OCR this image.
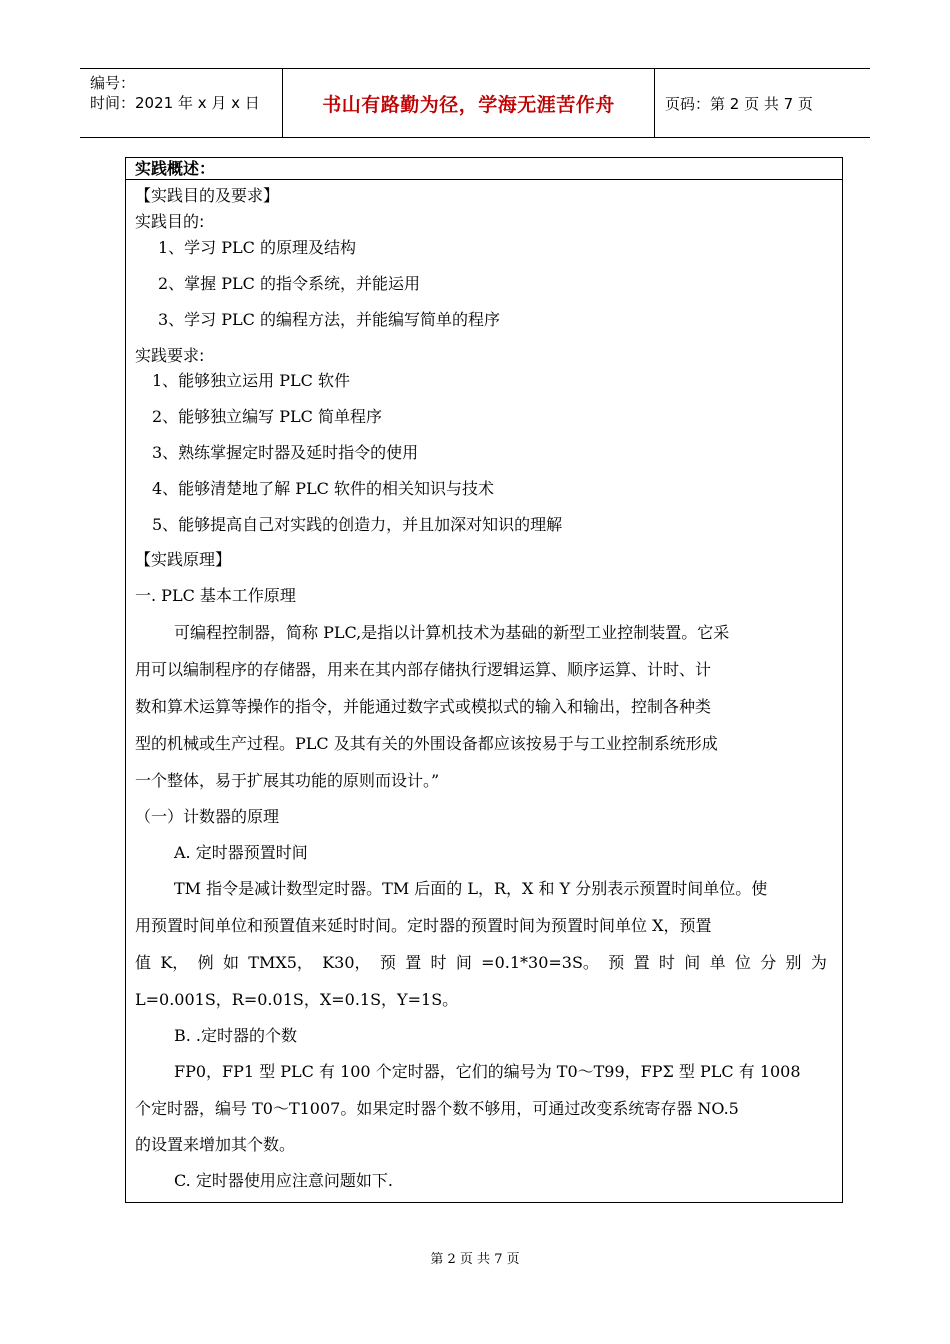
编号：
时间：2021 年 x 月 x 日	书山有路勤为径，学海无涯苦作舟	页码：第 2 页 共 7 页
实践概述：
【实践目的及要求】
实践目的:
1、学习 PLC 的原理及结构
2、掌握 PLC 的指令系统，并能运用
3、学习 PLC 的编程方法，并能编写简单的程序
实践要求:
1、能够独立运用 PLC 软件
2、能够独立编写 PLC 简单程序
3、熟练掌握定时器及延时指令的使用
4、能够清楚地了解 PLC 软件的相关知识与技术
5、能够提高自己对实践的创造力，并且加深对知识的理解
【实践原理】
一. PLC 基本工作原理
可编程控制器，简称 PLC,是指以计算机技术为基础的新型工业控制装置。它采
用可以编制程序的存储器，用来在其内部存储执行逻辑运算、顺序运算、计时、计
数和算术运算等操作的指令，并能通过数字式或模拟式的输入和输出，控制各种类
型的机械或生产过程。PLC 及其有关的外围设备都应该按易于与工业控制系统形成
一个整体，易于扩展其功能的原则而设计。”
（一）计数器的原理
A. 定时器预置时间
TM 指令是减计数型定时器。TM 后面的 L，R，X 和 Y 分别表示预置时间单位。使
用预置时间单位和预置值来延时时间。定时器的预置时间为预置时间单位 X，预置
值 K， 例 如 TMX5， K30， 预 置 时 间 =0.1*30=3S。 预 置 时 间 单 位 分 别 为
L=0.001S，R=0.01S，X=0.1S，Y=1S。
B. .定时器的个数
FP0，FP1 型 PLC 有 100 个定时器，它们的编号为 T0～T99，FPΣ 型 PLC 有 1008
个定时器，编号 T0～T1007。如果定时器个数不够用，可通过改变系统寄存器 NO.5
的设置来增加其个数。
C. 定时器使用应注意问题如下.
第 2 页 共 7 页
